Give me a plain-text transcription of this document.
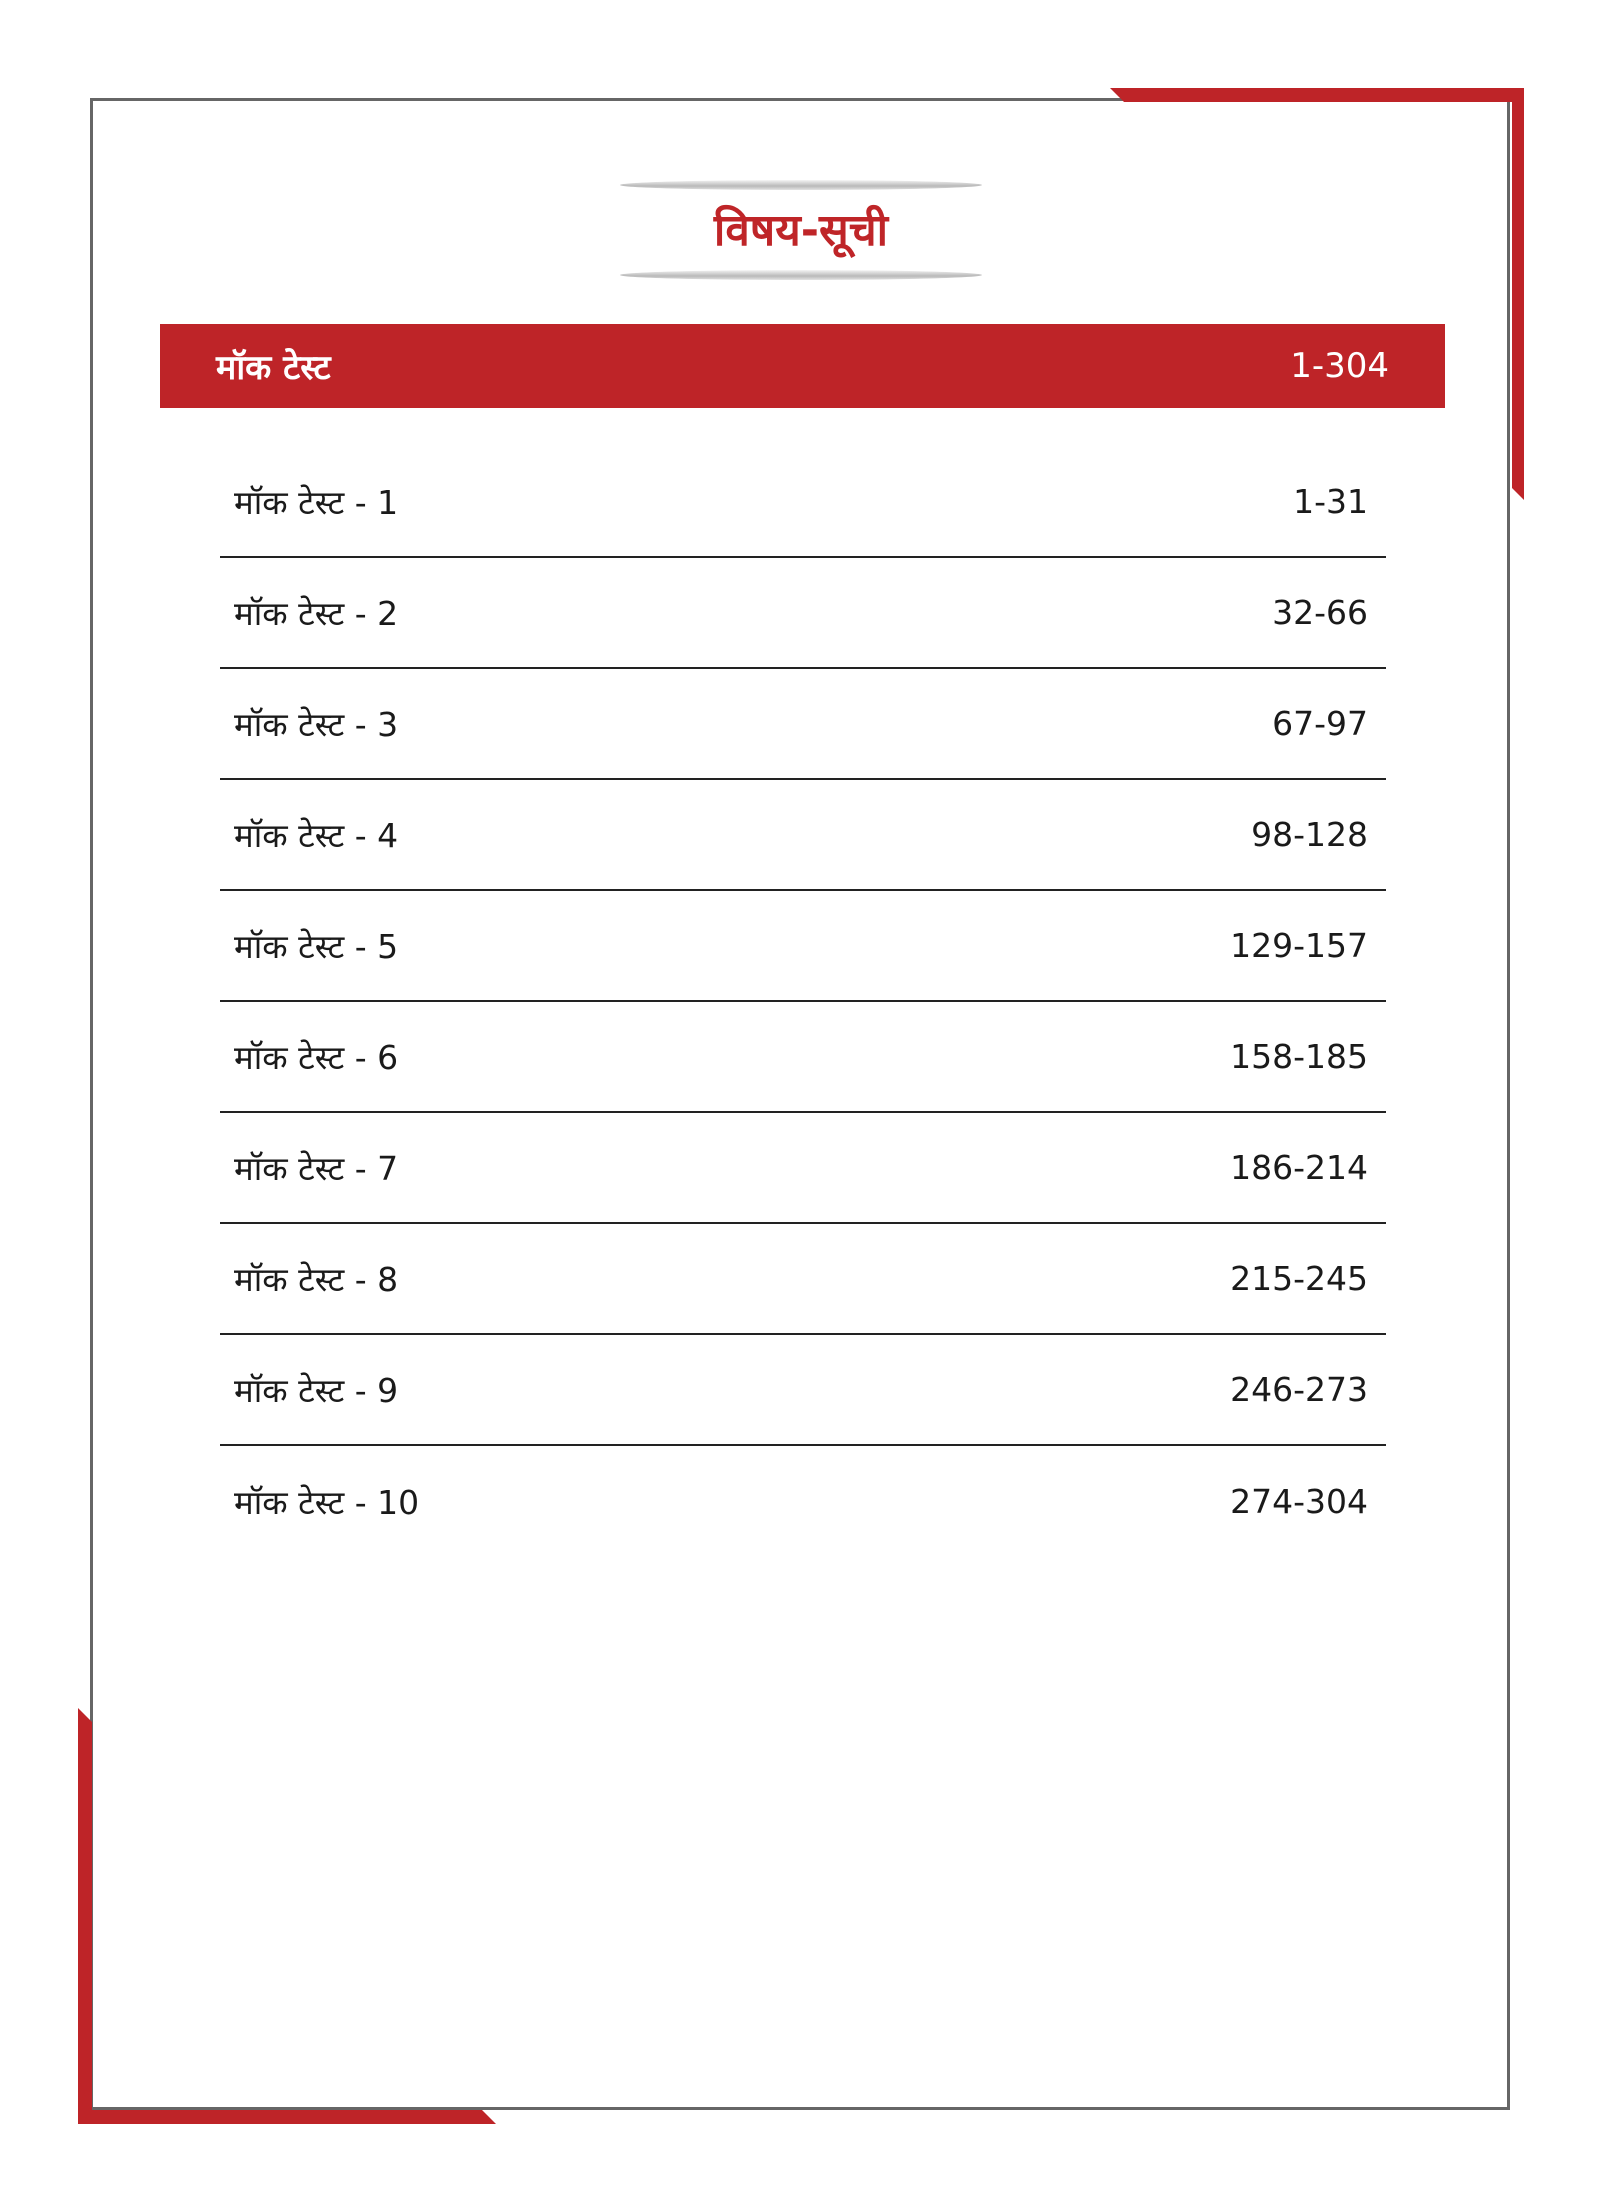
विषय-सूची
मॉक टेस्ट	1-304
मॉक टेस्ट - 1	1-31
मॉक टेस्ट - 2	32-66
मॉक टेस्ट - 3	67-97
मॉक टेस्ट - 4	98-128
मॉक टेस्ट - 5	129-157
मॉक टेस्ट - 6	158-185
मॉक टेस्ट - 7	186-214
मॉक टेस्ट - 8	215-245
मॉक टेस्ट - 9	246-273
मॉक टेस्ट - 10	274-304
